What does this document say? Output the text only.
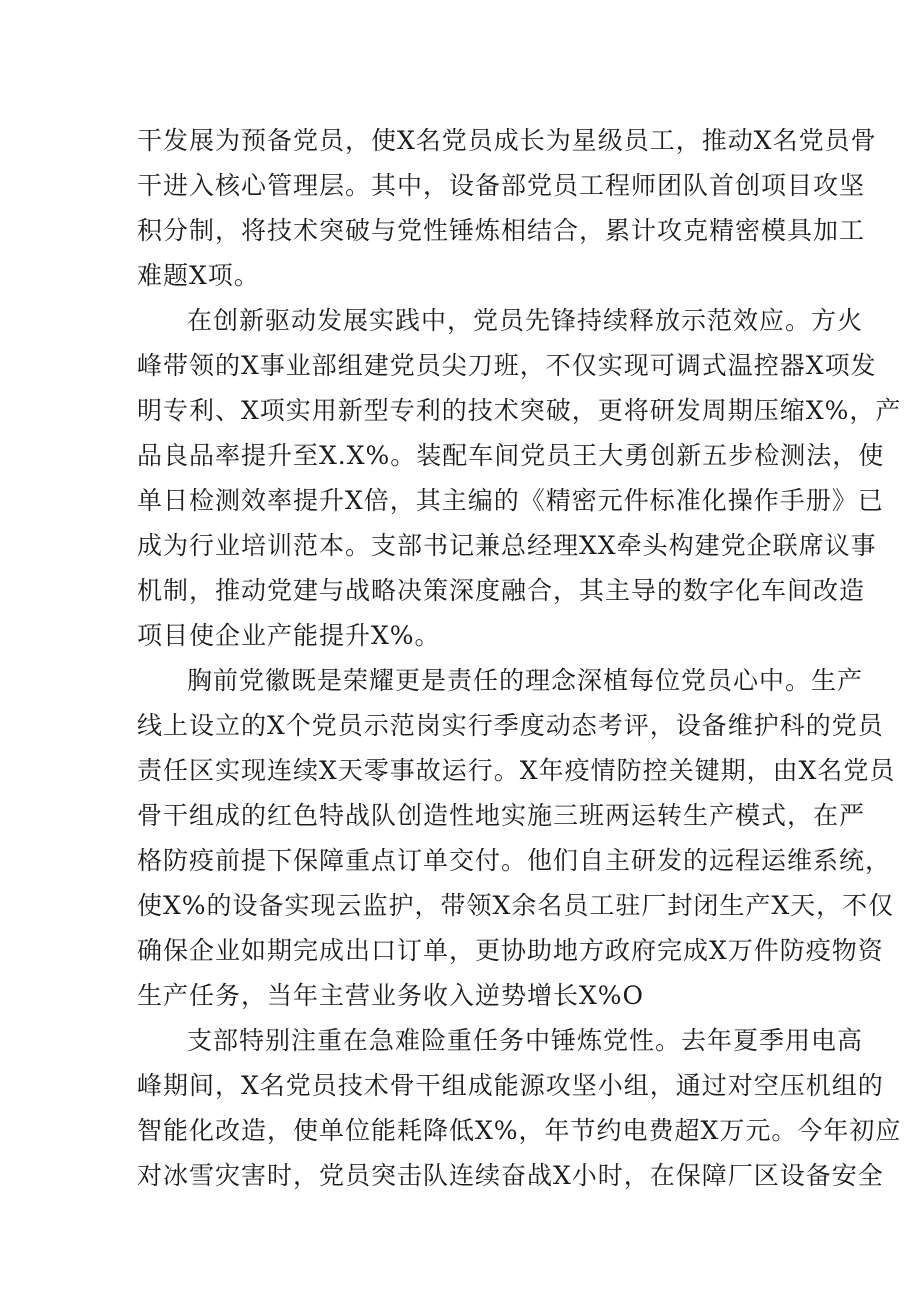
干发展为预备党员，使X名党员成长为星级员工，推动X名党员骨
干进入核心管理层。其中，设备部党员工程师团队首创项目攻坚
积分制，将技术突破与党性锤炼相结合，累计攻克精密模具加工
难题X项。
在创新驱动发展实践中，党员先锋持续释放示范效应。方火
峰带领的X事业部组建党员尖刀班，不仅实现可调式温控器X项发
明专利、X项实用新型专利的技术突破，更将研发周期压缩X%，产
品良品率提升至X.X%。装配车间党员王大勇创新五步检测法，使
单日检测效率提升X倍，其主编的《精密元件标准化操作手册》已
成为行业培训范本。支部书记兼总经理XX牵头构建党企联席议事
机制，推动党建与战略决策深度融合，其主导的数字化车间改造
项目使企业产能提升X%。
胸前党徽既是荣耀更是责任的理念深植每位党员心中。生产
线上设立的X个党员示范岗实行季度动态考评，设备维护科的党员
责任区实现连续X天零事故运行。X年疫情防控关键期，由X名党员
骨干组成的红色特战队创造性地实施三班两运转生产模式，在严
格防疫前提下保障重点订单交付。他们自主研发的远程运维系统，
使X%的设备实现云监护，带领X余名员工驻厂封闭生产X天，不仅
确保企业如期完成出口订单，更协助地方政府完成X万件防疫物资
生产任务，当年主营业务收入逆势增长X%O
支部特别注重在急难险重任务中锤炼党性。去年夏季用电高
峰期间，X名党员技术骨干组成能源攻坚小组，通过对空压机组的
智能化改造，使单位能耗降低X%，年节约电费超X万元。今年初应
对冰雪灾害时，党员突击队连续奋战X小时，在保障厂区设备安全
